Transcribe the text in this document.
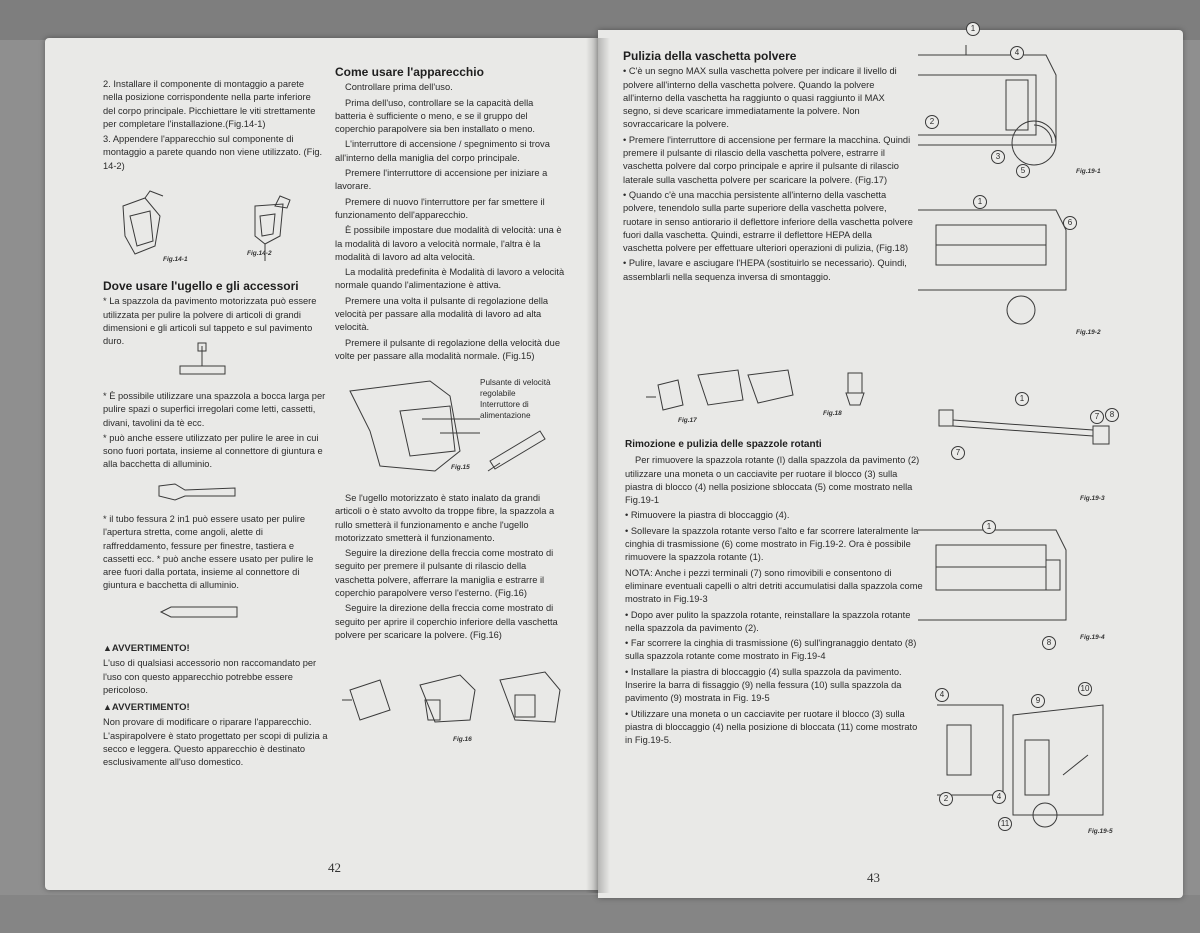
2. Installare il componente di montaggio a parete nella posizione corrispondente nella parte inferiore del corpo principale. Picchiettare le viti strettamente per completare l'installazione.(Fig.14-1)

3. Appendere l'apparecchio sul componente di montaggio a parete quando non viene utilizzato. (Fig. 14-2)

Fig.14-1
Fig.14-2

Dove usare l'ugello e gli accessori

* La spazzola da pavimento motorizzata può essere utilizzata per pulire la polvere di articoli di grandi dimensioni e gli articoli sul tappeto e sul pavimento duro.

* È possibile utilizzare una spazzola a bocca larga per pulire spazi o superfici irregolari come letti, cassetti, divani, tavolini da tè ecc.

* può anche essere utilizzato per pulire le aree in cui sono fuori portata, insieme al connettore di giuntura e alla bacchetta di alluminio.

* il tubo fessura 2 in1 può essere usato per pulire l'apertura stretta, come angoli, alette di raffreddamento, fessure per finestre, tastiera e cassetti ecc. * può anche essere usato per pulire le aree fuori dalla portata, insieme al connettore di giuntura e bacchetta di alluminio.

▲ AVVERTIMENTO!

L'uso di qualsiasi accessorio non raccomandato per l'uso con questo apparecchio potrebbe essere pericoloso.

▲ AVVERTIMENTO!

Non provare di modificare o riparare l'apparecchio. L'aspirapolvere è stato progettato per scopi di pulizia a secco e leggera. Questo apparecchio è destinato esclusivamente all'uso domestico.

Come usare l'apparecchio

Controllare prima dell'uso.

Prima dell'uso, controllare se la capacità della batteria è sufficiente o meno, e se il gruppo del coperchio parapolvere sia ben installato o meno.

L'interruttore di accensione / spegnimento si trova all'interno della maniglia del corpo principale.

Premere l'interruttore di accensione per iniziare a lavorare.

Premere di nuovo l'interruttore per far smettere il funzionamento dell'apparecchio.

È possibile impostare due modalità di velocità: una è la modalità di lavoro a velocità normale, l'altra è la modalità di lavoro ad alta velocità.

La modalità predefinita è Modalità di lavoro a velocità normale quando l'alimentazione è attiva.

Premere una volta il pulsante di regolazione della velocità per passare alla modalità di lavoro ad alta velocità.

Premere il pulsante di regolazione della velocità due volte per passare alla modalità normale. (Fig.15)

Pulsante di velocità regolabile
Interruttore di alimentazione
Fig.15

Se l'ugello motorizzato è stato inalato da grandi articoli o è stato avvolto da troppe fibre, la spazzola a rullo smetterà il funzionamento e anche l'ugello motorizzato smetterà il funzionamento.

Seguire la direzione della freccia come mostrato di seguito per premere il pulsante di rilascio della vaschetta polvere, afferrare la maniglia e estrarre il coperchio parapolvere verso l'esterno. (Fig.16)

Seguire la direzione della freccia come mostrato di seguito per aprire il coperchio inferiore della vaschetta polvere per scaricare la polvere. (Fig.16)

Fig.16
42

Pulizia della vaschetta polvere

• C'è un segno MAX sulla vaschetta polvere per indicare il livello di polvere all'interno della vaschetta polvere. Quando la polvere all'interno della vaschetta ha raggiunto o quasi raggiunto il MAX segno, si deve scaricare immediatamente la polvere. Non sovraccaricare la polvere.

• Premere l'interruttore di accensione per fermare la macchina. Quindi premere il pulsante di rilascio della vaschetta polvere, estrarre il vaschetta polvere dal corpo principale e aprire il pulsante di rilascio laterale sulla vaschetta polvere per scaricare la polvere. (Fig.17)

• Quando c'è una macchia persistente all'interno della vaschetta polvere, tenendolo sulla parte superiore della vaschetta polvere, ruotare in senso antiorario il deflettore inferiore della vaschetta polvere fuori dalla vaschetta. Quindi, estrarre il deflettore HEPA della vaschetta polvere per effettuare ulteriori operazioni di pulizia, (Fig.18)

• Pulire, lavare e asciugare l'HEPA (sostituirlo se necessario). Quindi, assemblarli nella sequenza inversa di smontaggio.

Fig.17
Fig.18

Rimozione e pulizia delle spazzole rotanti

Per rimuovere la spazzola rotante (I) dalla spazzola da pavimento (2) utilizzare una moneta o un cacciavite per ruotare il blocco (3) sulla piastra di blocco (4) nella posizione sbloccata (5) come mostrato nella Fig.19-1

• Rimuovere la piastra di bloccaggio (4).

• Sollevare la spazzola rotante verso l'alto e far scorrere lateralmente la cinghia di trasmissione (6) come mostrato in Fig.19-2. Ora è possibile rimuovere la spazzola rotante (1).

NOTA: Anche i pezzi terminali (7) sono rimovibili e consentono di eliminare eventuali capelli o altri detriti accumulatisi dalla spazzola come mostrato in Fig.19-3

• Dopo aver pulito la spazzola rotante, reinstallare la spazzola rotante nella spazzola da pavimento (2).

• Far scorrere la cinghia di trasmissione (6) sull'ingranaggio dentato (8) sulla spazzola rotante come mostrato in Fig.19-4

• Installare la piastra di bloccaggio (4) sulla spazzola da pavimento. Inserire la barra di fissaggio (9) nella fessura (10) sulla spazzola da pavimento (9) mostrata in Fig. 19-5

• Utilizzare una moneta o un cacciavite per ruotare il blocco (3) sulla piastra di bloccaggio (4) nella posizione di bloccata (11) come mostrato in Fig.19-5.

1
4
2
3
5	Fig.19-1
1
6
Fig.19-2
1
7
7	8
Fig.19-3
1
8
Fig.19-4
4
10
9
2	4
11
Fig.19-5
43
